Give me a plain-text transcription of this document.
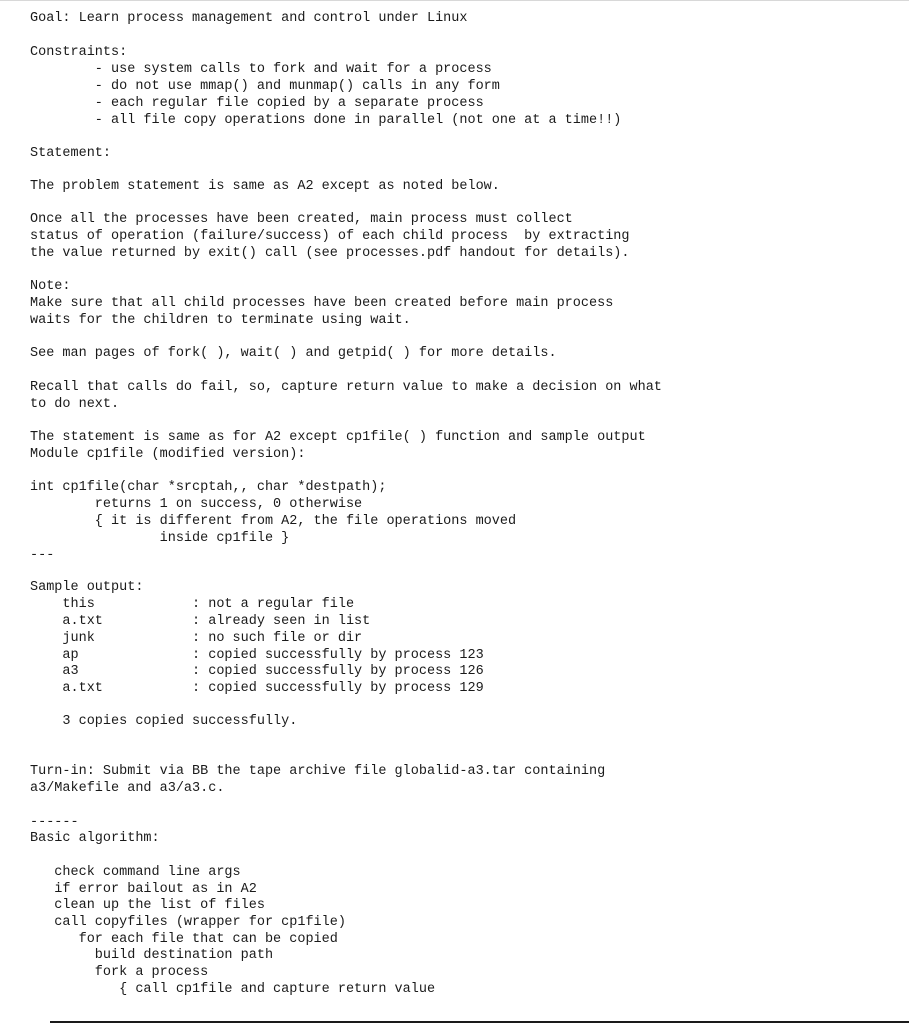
Goal: Learn process management and control under Linux
Constraints:
- use system calls to fork and wait for a process
- do not use mmap() and munmap() calls in any form
- each regular file copied by a separate process
- all file copy operations done in parallel (not one at a time!!)
Statement:
The problem statement is same as A2 except as noted below.
Once all the processes have been created, main process must collect
status of operation (failure/success) of each child process  by extracting
the value returned by exit() call (see processes.pdf handout for details).
Note:
Make sure that all child processes have been created before main process
waits for the children to terminate using wait.
See man pages of fork( ), wait( ) and getpid( ) for more details.
Recall that calls do fail, so, capture return value to make a decision on what
to do next.
The statement is same as for A2 except cp1file( ) function and sample output
Module cp1file (modified version):
int cp1file(char *srcptah,, char *destpath);
returns 1 on success, 0 otherwise
{ it is different from A2, the file operations moved
inside cp1file }
---
Sample output:
this            : not a regular file
a.txt           : already seen in list
junk            : no such file or dir
ap              : copied successfully by process 123
a3              : copied successfully by process 126
a.txt           : copied successfully by process 129
3 copies copied successfully.
Turn-in: Submit via BB the tape archive file globalid-a3.tar containing
a3/Makefile and a3/a3.c.
------
Basic algorithm:
check command line args
if error bailout as in A2
clean up the list of files
call copyfiles (wrapper for cp1file)
for each file that can be copied
build destination path
fork a process
{ call cp1file and capture return value
